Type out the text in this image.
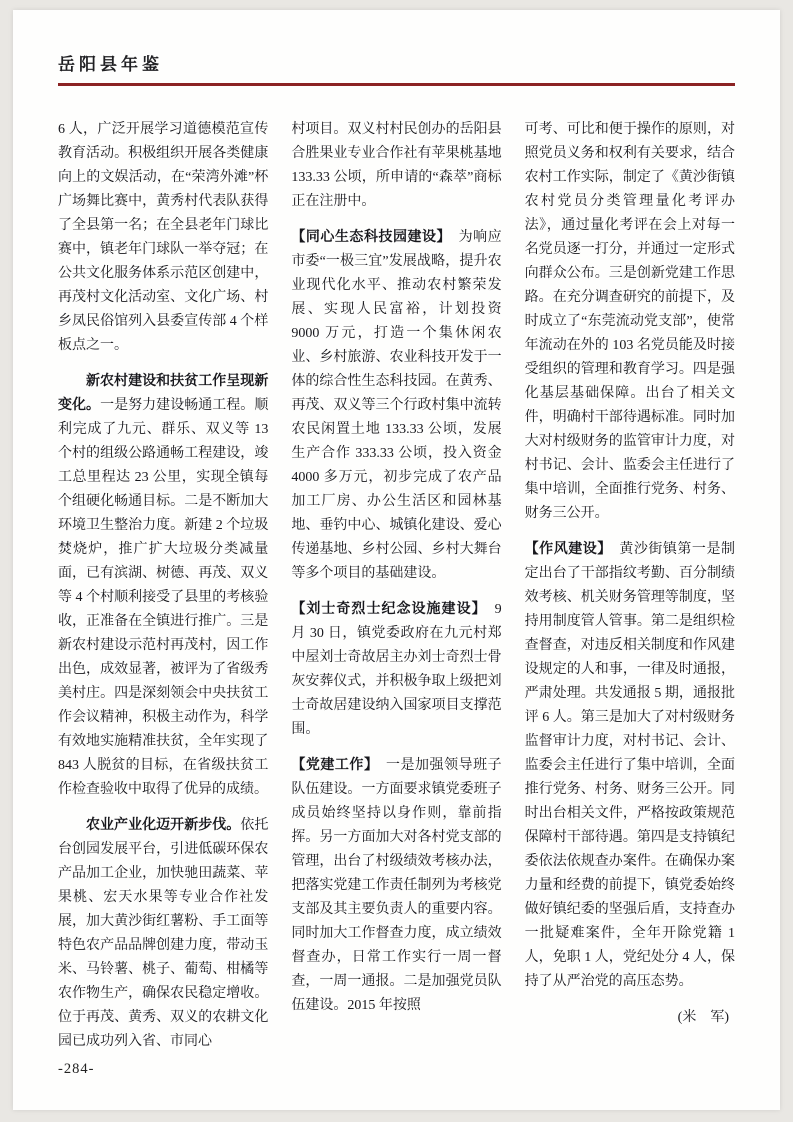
岳阳县年鉴

6 人，广泛开展学习道德模范宣传教育活动。积极组织开展各类健康向上的文娱活动，在“荣湾外滩”杯广场舞比赛中，黄秀村代表队获得了全县第一名；在全县老年门球比赛中，镇老年门球队一举夺冠；在公共文化服务体系示范区创建中，再茂村文化活动室、文化广场、村乡凤民俗馆列入县委宣传部 4 个样板点之一。

新农村建设和扶贫工作呈现新变化。一是努力建设畅通工程。顺利完成了九元、群乐、双义等 13 个村的组级公路通畅工程建设，竣工总里程达 23 公里，实现全镇每个组硬化畅通目标。二是不断加大环境卫生整治力度。新建 2 个垃圾焚烧炉，推广扩大垃圾分类减量面，已有滨湖、树德、再茂、双义等 4 个村顺利接受了县里的考核验收，正准备在全镇进行推广。三是新农村建设示范村再茂村，因工作出色，成效显著，被评为了省级秀美村庄。四是深刻领会中央扶贫工作会议精神，积极主动作为，科学有效地实施精准扶贫，全年实现了 843 人脱贫的目标，在省级扶贫工作检查验收中取得了优异的成绩。

农业产业化迈开新步伐。依托台创园发展平台，引进低碳环保农产品加工企业，加快驰田蔬菜、苹果桃、宏天水果等专业合作社发展，加大黄沙街红薯粉、手工面等特色农产品品牌创建力度，带动玉米、马铃薯、桃子、葡萄、柑橘等农作物生产，确保农民稳定增收。位于再茂、黄秀、双义的农耕文化园已成功列入省、市同心

村项目。双义村村民创办的岳阳县合胜果业专业合作社有苹果桃基地 133.33 公顷，所申请的“森萃”商标正在注册中。

【同心生态科技园建设】　为响应市委“一极三宜”发展战略，提升农业现代化水平、推动农村繁荣发展、实现人民富裕，计划投资 9000 万元，打造一个集休闲农业、乡村旅游、农业科技开发于一体的综合性生态科技园。在黄秀、再茂、双义等三个行政村集中流转农民闲置土地 133.33 公顷，发展生产合作 333.33 公顷，投入资金 4000 多万元，初步完成了农产品加工厂房、办公生活区和园林基地、垂钓中心、城镇化建设、爱心传递基地、乡村公园、乡村大舞台等多个项目的基础建设。

【刘士奇烈士纪念设施建设】　9 月 30 日，镇党委政府在九元村郑中屋刘士奇故居主办刘士奇烈士骨灰安葬仪式，并积极争取上级把刘士奇故居建设纳入国家项目支撑范围。

【党建工作】　一是加强领导班子队伍建设。一方面要求镇党委班子成员始终坚持以身作则，靠前指挥。另一方面加大对各村党支部的管理，出台了村级绩效考核办法，把落实党建工作责任制列为考核党支部及其主要负责人的重要内容。同时加大工作督查力度，成立绩效督查办，日常工作实行一周一督查，一周一通报。二是加强党员队伍建设。2015 年按照

可考、可比和便于操作的原则，对照党员义务和权利有关要求，结合农村工作实际，制定了《黄沙街镇农村党员分类管理量化考评办法》，通过量化考评在会上对每一名党员逐一打分，并通过一定形式向群众公布。三是创新党建工作思路。在充分调查研究的前提下，及时成立了“东莞流动党支部”，使常年流动在外的 103 名党员能及时接受组织的管理和教育学习。四是强化基层基础保障。出台了相关文件，明确村干部待遇标准。同时加大对村级财务的监管审计力度，对村书记、会计、监委会主任进行了集中培训，全面推行党务、村务、财务三公开。

【作风建设】　黄沙街镇第一是制定出台了干部指纹考勤、百分制绩效考核、机关财务管理等制度，坚持用制度管人管事。第二是组织检查督查，对违反相关制度和作风建设规定的人和事，一律及时通报，严肃处理。共发通报 5 期，通报批评 6 人。第三是加大了对村级财务监督审计力度，对村书记、会计、监委会主任进行了集中培训，全面推行党务、村务、财务三公开。同时出台相关文件，严格按政策规范保障村干部待遇。第四是支持镇纪委依法依规查办案件。在确保办案力量和经费的前提下，镇党委始终做好镇纪委的坚强后盾，支持查办一批疑难案件，全年开除党籍 1 人，免职 1 人，党纪处分 4 人，保持了从严治党的高压态势。

(米　军)

-284-
